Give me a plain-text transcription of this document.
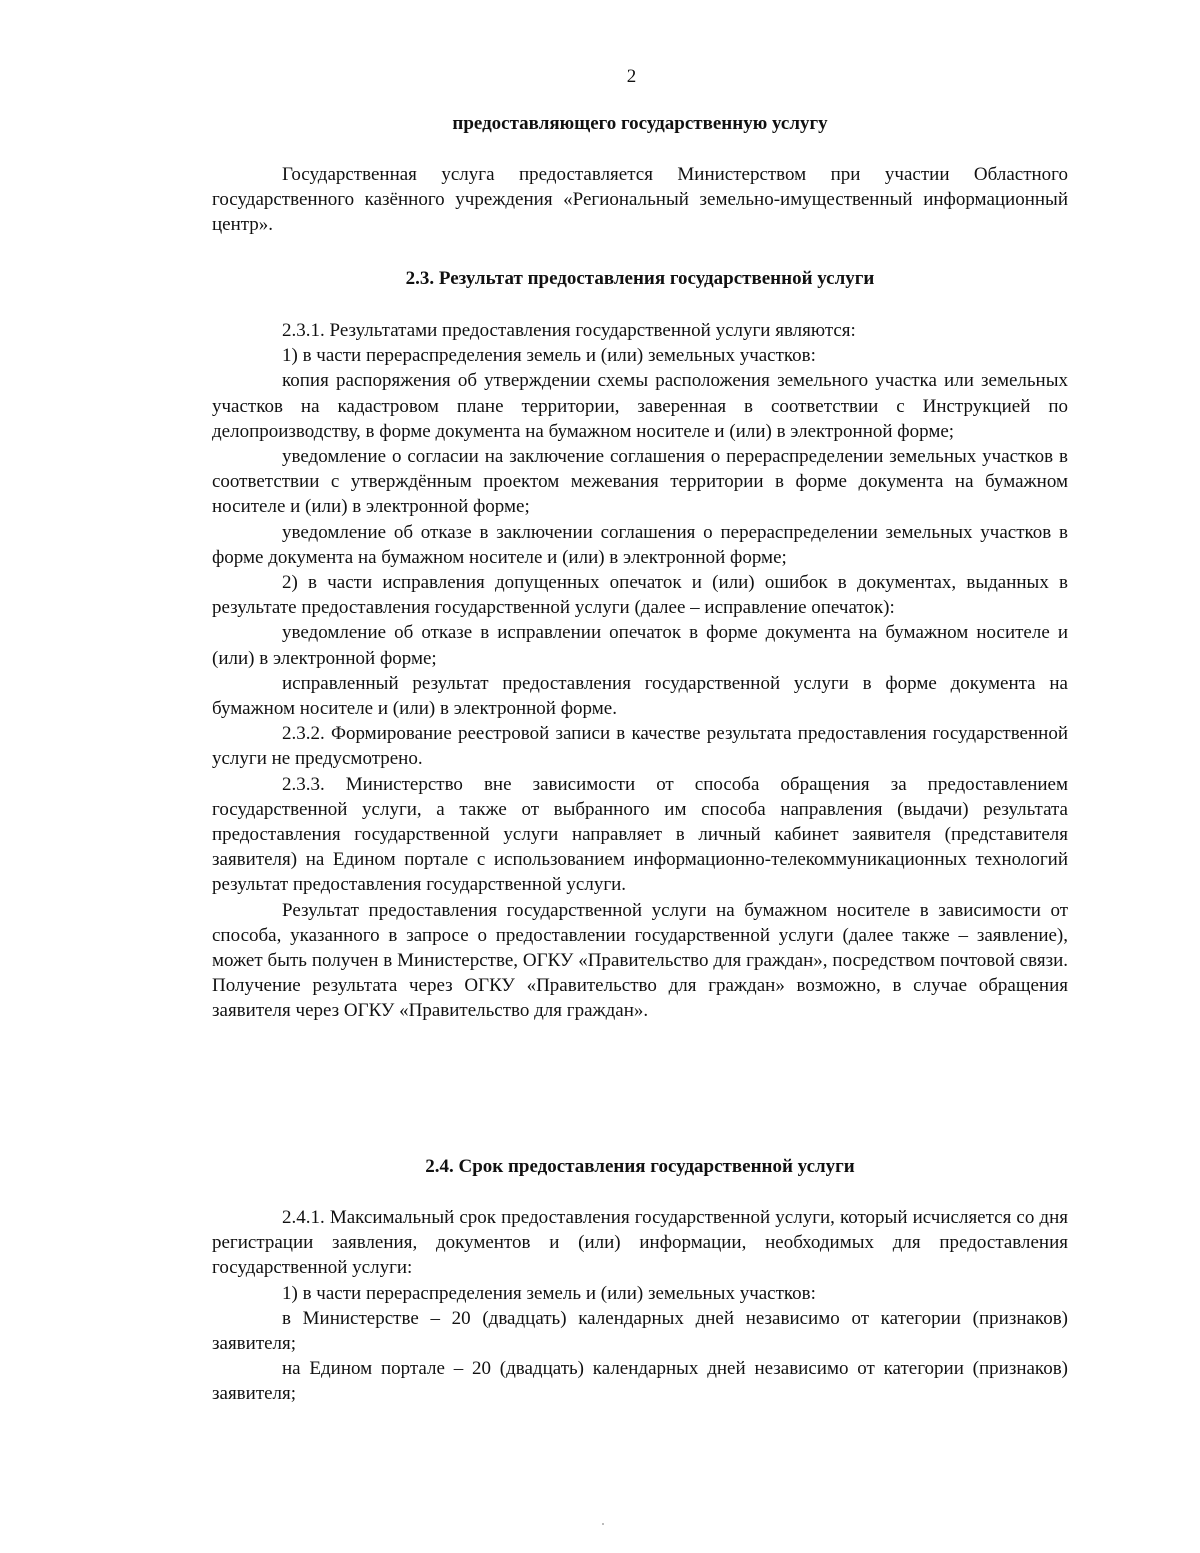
2
предоставляющего государственную услугу

Государственная услуга предоставляется Министерством при участии Областного государственного казённого учреждения «Региональный земельно-имущественный информационный центр».

2.3. Результат предоставления государственной услуги

2.3.1. Результатами предоставления государственной услуги являются:

1) в части перераспределения земель и (или) земельных участков:

копия распоряжения об утверждении схемы расположения земельного участка или земельных участков на кадастровом плане территории, заверенная в соответствии с Инструкцией по делопроизводству, в форме документа на бумажном носителе и (или) в электронной форме;

уведомление о согласии на заключение соглашения о перераспределении земельных участков в соответствии с утверждённым проектом межевания территории в форме документа на бумажном носителе и (или) в электронной форме;

уведомление об отказе в заключении соглашения о перераспределении земельных участков в форме документа на бумажном носителе и (или) в электронной форме;

2) в части исправления допущенных опечаток и (или) ошибок в документах, выданных в результате предоставления государственной услуги (далее – исправление опечаток):

уведомление об отказе в исправлении опечаток в форме документа на бумажном носителе и (или) в электронной форме;

исправленный результат предоставления государственной услуги в форме документа на бумажном носителе и (или) в электронной форме.

2.3.2. Формирование реестровой записи в качестве результата предоставления государственной услуги не предусмотрено.

2.3.3. Министерство вне зависимости от способа обращения за предоставлением государственной услуги, а также от выбранного им способа направления (выдачи) результата предоставления государственной услуги направляет в личный кабинет заявителя (представителя заявителя) на Едином портале с использованием информационно-телекоммуникационных технологий результат предоставления государственной услуги.

Результат предоставления государственной услуги на бумажном носителе в зависимости от способа, указанного в запросе о предоставлении государственной услуги (далее также – заявление), может быть получен в Министерстве, ОГКУ «Правительство для граждан», посредством почтовой связи. Получение результата через ОГКУ «Правительство для граждан» возможно, в случае обращения заявителя через ОГКУ «Правительство для граждан».

2.4. Срок предоставления государственной услуги

2.4.1. Максимальный срок предоставления государственной услуги, который исчисляется со дня регистрации заявления, документов и (или) информации, необходимых для предоставления государственной услуги:

1) в части перераспределения земель и (или) земельных участков:

в Министерстве – 20 (двадцать) календарных дней независимо от категории (признаков) заявителя;

на Едином портале – 20 (двадцать) календарных дней независимо от категории (признаков) заявителя;
